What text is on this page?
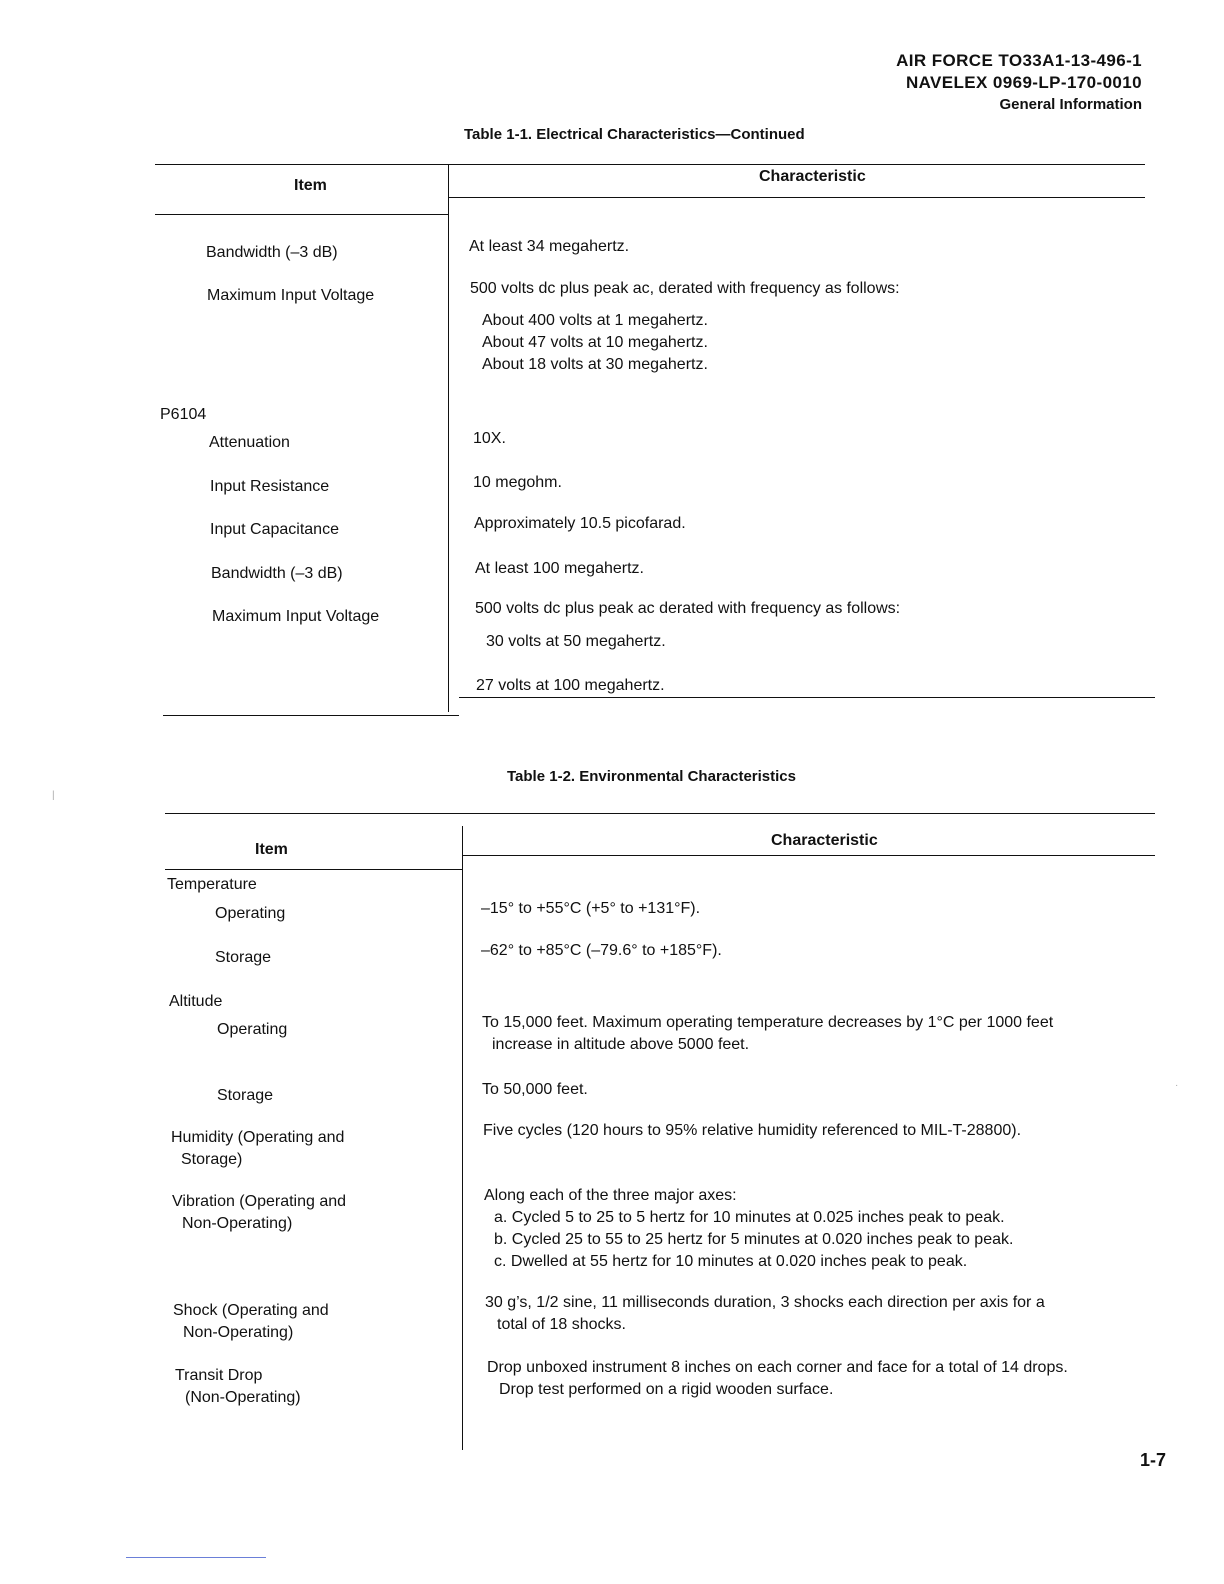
AIR FORCE TO33A1-13-496-1
NAVELEX 0969-LP-170-0010
General Information
Table 1-1. Electrical Characteristics—Continued
Item
Characteristic
Bandwidth (–3 dB)
Maximum Input Voltage
P6104
Attenuation
Input Resistance
Input Capacitance
Bandwidth (–3 dB)
Maximum Input Voltage
At least 34 megahertz.
500 volts dc plus peak ac, derated with frequency as follows:
About 400 volts at 1 megahertz.
About 47 volts at 10 megahertz.
About 18 volts at 30 megahertz.
10X.
10 megohm.
Approximately 10.5 picofarad.
At least 100 megahertz.
500 volts dc plus peak ac derated with frequency as follows:
30 volts at 50 megahertz.
27 volts at 100 megahertz.
Table 1-2. Environmental Characteristics
Item
Characteristic
Temperature
Operating
Storage
Altitude
Operating
Storage
Humidity (Operating and
Storage)
Vibration (Operating and
Non-Operating)
Shock (Operating and
Non-Operating)
Transit Drop
(Non-Operating)
–15° to +55°C (+5° to +131°F).
–62° to +85°C (–79.6° to +185°F).
To 15,000 feet. Maximum operating temperature decreases by 1°C per 1000 feet
increase in altitude above 5000 feet.
To 50,000 feet.
Five cycles (120 hours to 95% relative humidity referenced to MIL-T-28800).
Along each of the three major axes:
a. Cycled 5 to 25 to 5 hertz for 10 minutes at 0.025 inches peak to peak.
b. Cycled 25 to 55 to 25 hertz for 5 minutes at 0.020 inches peak to peak.
c. Dwelled at 55 hertz for 10 minutes at 0.020 inches peak to peak.
30 g’s, 1/2 sine, 11 milliseconds duration, 3 shocks each direction per axis for a
total of 18 shocks.
Drop unboxed instrument 8 inches on each corner and face for a total of 14 drops.
Drop test performed on a rigid wooden surface.
1-7
|
·
